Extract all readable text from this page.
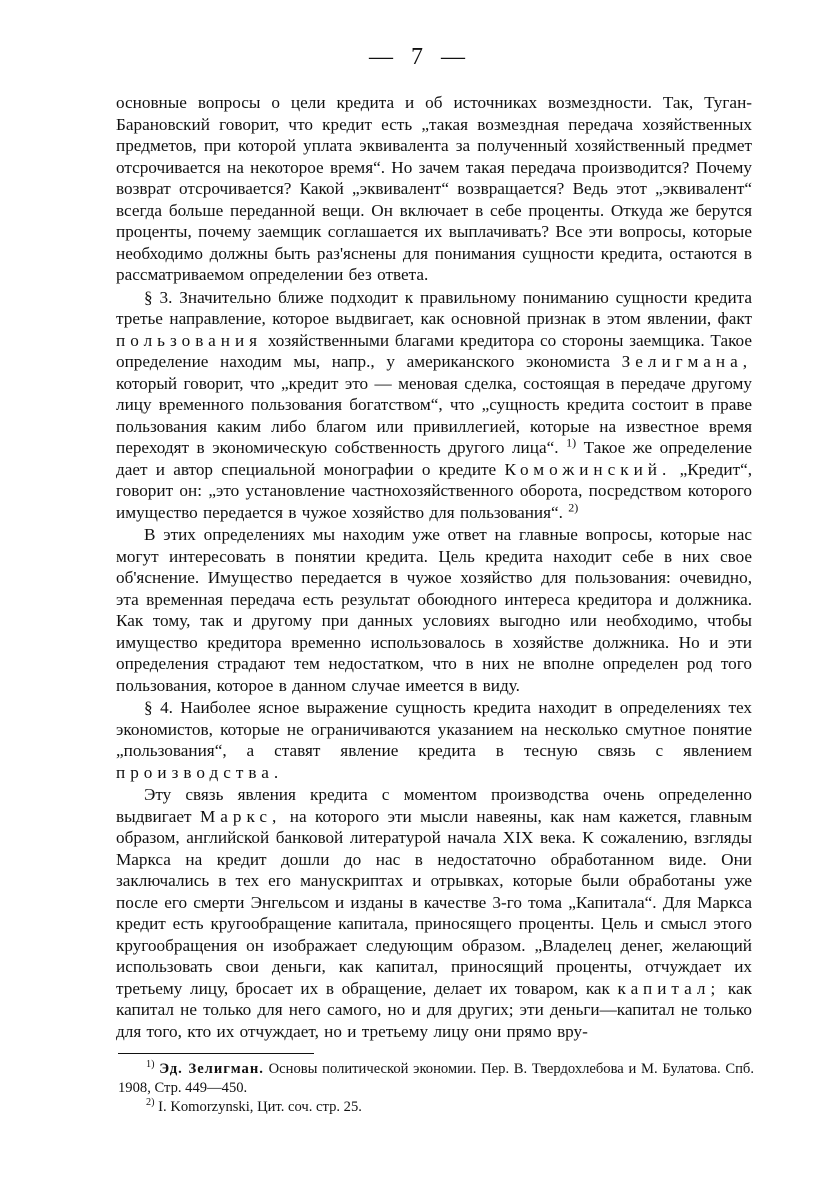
— 7 —

основные вопросы о цели кредита и об источниках возмездности. Так, Туган-Барановский говорит, что кредит есть „такая возмездная передача хозяйственных предметов, при которой уплата эквивалента за полученный хозяйственный предмет отсрочивается на некоторое время“. Но зачем такая передача производится? Почему возврат отсрочивается? Какой „эквивалент“ возвращается? Ведь этот „эквивалент“ всегда больше переданной вещи. Он включает в себе проценты. Откуда же берутся проценты, почему заемщик соглашается их выплачивать? Все эти вопросы, которые необходимо должны быть раз'яснены для понимания сущности кредита, остаются в рассматриваемом определении без ответа.

§ 3. Значительно ближе подходит к правильному пониманию сущности кредита третье направление, которое выдвигает, как основной признак в этом явлении, факт пользования хозяйственными благами кредитора со стороны заемщика. Такое определение находим мы, напр., у американского экономиста Зелигмана, который говорит, что „кредит это — меновая сделка, состоящая в передаче другому лицу временного пользования богатством“, что „сущность кредита состоит в праве пользования каким либо благом или привиллегией, которые на известное время переходят в экономическую собственность другого лица“. $^{1)}$ Такое же определение дает и автор специальной монографии о кредите Коможинский. „Кредит“, говорит он: „это установление частнохозяйственного оборота, посредством которого имущество передается в чужое хозяйство для пользования“. $^{2)}$

В этих определениях мы находим уже ответ на главные вопросы, которые нас могут интересовать в понятии кредита. Цель кредита находит себе в них свое об'яснение. Имущество передается в чужое хозяйство для пользования: очевидно, эта временная передача есть результат обоюдного интереса кредитора и должника. Как тому, так и другому при данных условиях выгодно или необходимо, чтобы имущество кредитора временно использовалось в хозяйстве должника. Но и эти определения страдают тем недостатком, что в них не вполне определен род того пользования, которое в данном случае имеется в виду.

§ 4. Наиболее ясное выражение сущность кредита находит в определениях тех экономистов, которые не ограничиваются указанием на несколько смутное понятие „пользования“, а ставят явление кредита в тесную связь с явлением производства.

Эту связь явления кредита с моментом производства очень определенно выдвигает Маркс, на которого эти мысли навеяны, как нам кажется, главным образом, английской банковой литературой начала XIX века. К сожалению, взгляды Маркса на кредит дошли до нас в недостаточно обработанном виде. Они заключались в тех его манускриптах и отрывках, которые были обработаны уже после его смерти Энгельсом и изданы в качестве 3-го тома „Капитала“. Для Маркса кредит есть кругообращение капитала, приносящего проценты. Цель и смысл этого кругообращения он изображает следующим образом. „Владелец денег, желающий использовать свои деньги, как капитал, приносящий проценты, отчуждает их третьему лицу, бросает их в обращение, делает их товаром, как капитал; как капитал не только для него самого, но и для других; эти деньги—капитал не только для того, кто их отчуждает, но и третьему лицу они прямо вру-

$^{1)}$ Эд. Зелигман. Основы политической экономии. Пер. В. Твердохлебова и М. Булатова. Спб. 1908, Стр. 449—450.

$^{2)}$ I. Komorzynski, Цит. соч. стр. 25.
